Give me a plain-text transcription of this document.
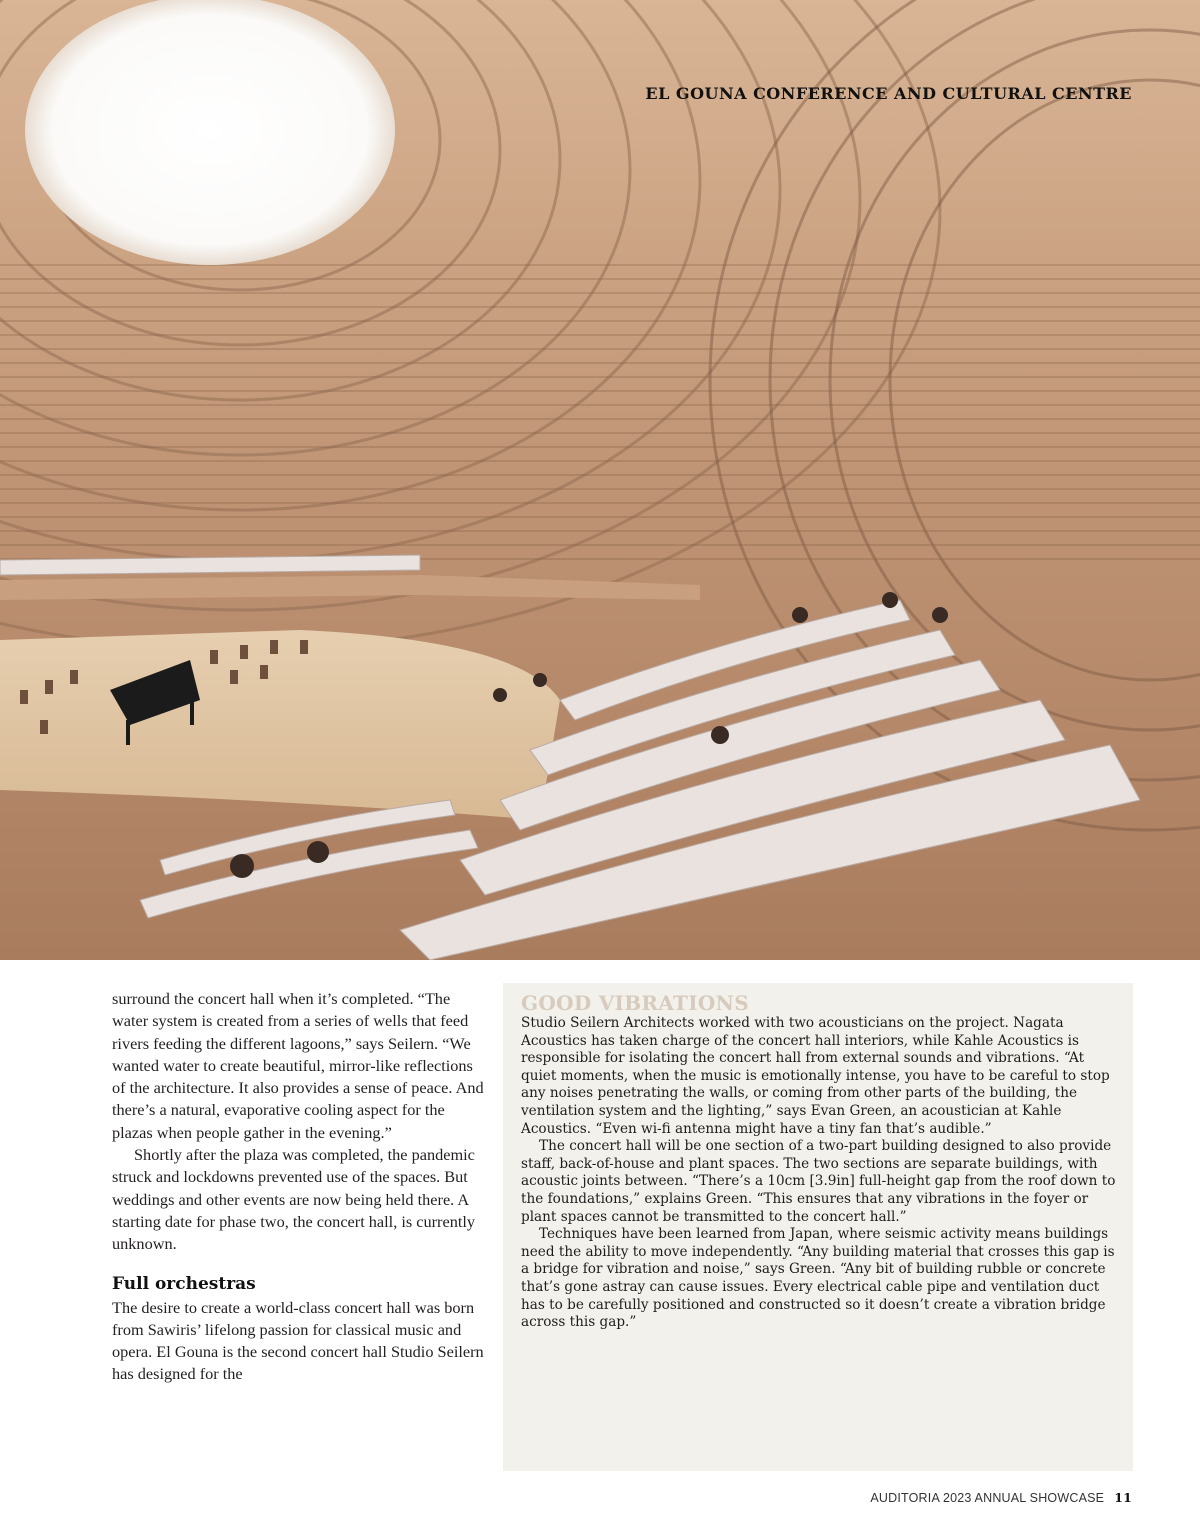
EL GOUNA CONFERENCE AND CULTURAL CENTRE

surround the concert hall when it’s completed. “The water system is created from a series of wells that feed rivers feeding the different lagoons,” says Seilern. “We wanted water to create beautiful, mirror-like reflections of the architecture. It also provides a sense of peace. And there’s a natural, evaporative cooling aspect for the plazas when people gather in the evening.”

Shortly after the plaza was completed, the pandemic struck and lockdowns prevented use of the spaces. But weddings and other events are now being held there. A starting date for phase two, the concert hall, is currently unknown.

Full orchestras

The desire to create a world-class concert hall was born from Sawiris’ lifelong passion for classical music and opera. El Gouna is the second concert hall Studio Seilern has designed for the

GOOD VIBRATIONS

Studio Seilern Architects worked with two acousticians on the project. Nagata Acoustics has taken charge of the concert hall interiors, while Kahle Acoustics is responsible for isolating the concert hall from external sounds and vibrations. “At quiet moments, when the music is emotionally intense, you have to be careful to stop any noises penetrating the walls, or coming from other parts of the building, the ventilation system and the lighting,” says Evan Green, an acoustician at Kahle Acoustics. “Even wi-fi antenna might have a tiny fan that’s audible.”

The concert hall will be one section of a two-part building designed to also provide staff, back-of-house and plant spaces. The two sections are separate buildings, with acoustic joints between. “There’s a 10cm [3.9in] full-height gap from the roof down to the foundations,” explains Green. “This ensures that any vibrations in the foyer or plant spaces cannot be transmitted to the concert hall.”

Techniques have been learned from Japan, where seismic activity means buildings need the ability to move independently. “Any building material that crosses this gap is a bridge for vibration and noise,” says Green. “Any bit of building rubble or concrete that’s gone astray can cause issues. Every electrical cable pipe and ventilation duct has to be carefully positioned and constructed so it doesn’t create a vibration bridge across this gap.”

AUDITORIA 2023 ANNUAL SHOWCASE 11
